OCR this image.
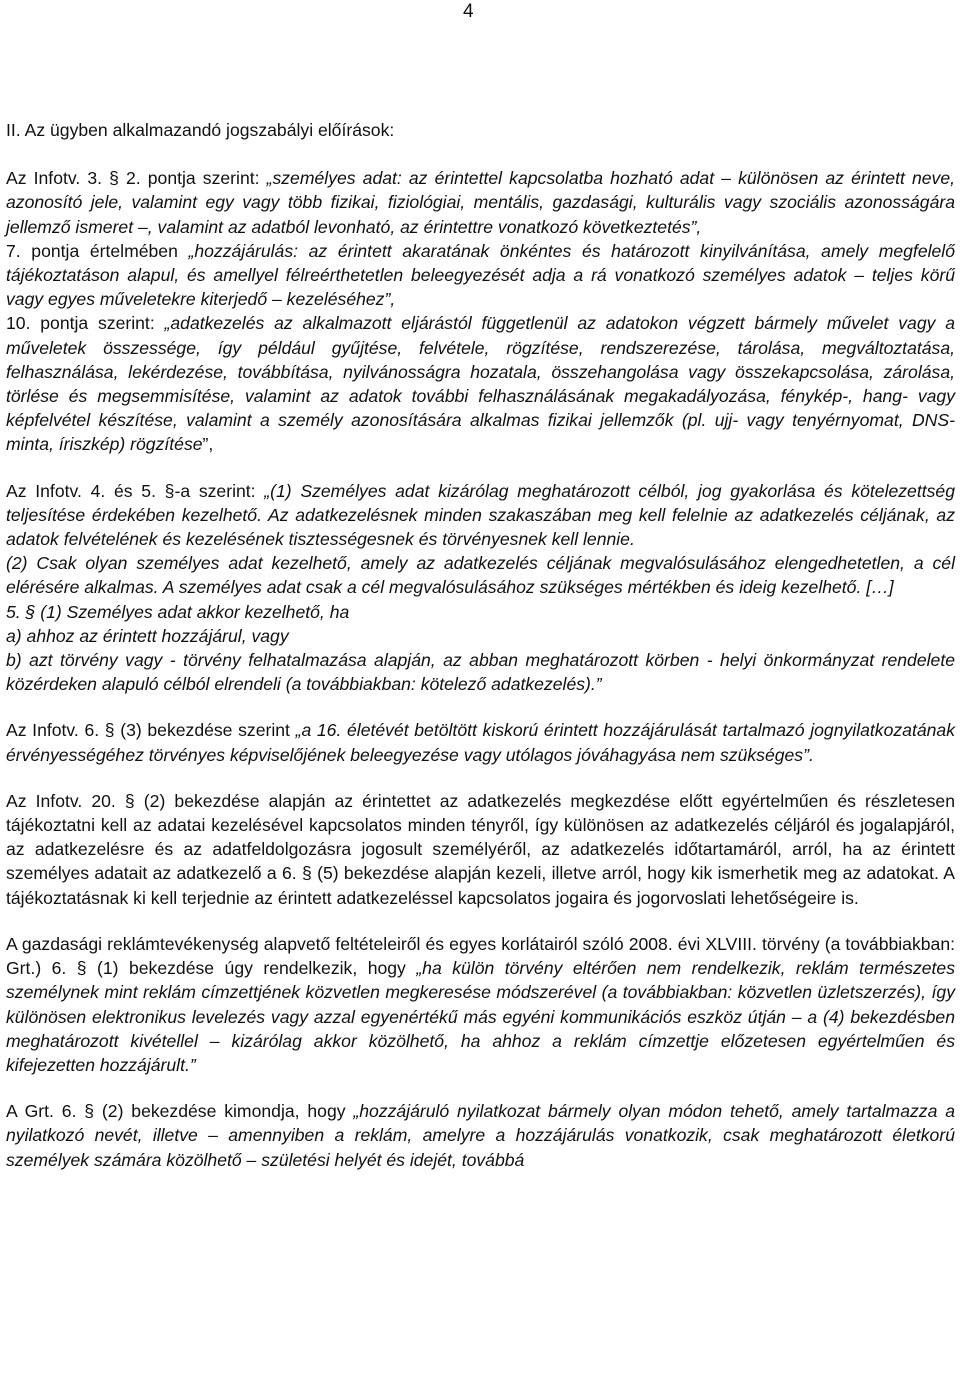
4

II. Az ügyben alkalmazandó jogszabályi előírások:

Az Infotv. 3. § 2. pontja szerint: „személyes adat: az érintettel kapcsolatba hozható adat – különösen az érintett neve, azonosító jele, valamint egy vagy több fizikai, fiziológiai, mentális, gazdasági, kulturális vagy szociális azonosságára jellemző ismeret –, valamint az adatból levonható, az érintettre vonatkozó következtetés”,

7. pontja értelmében „hozzájárulás: az érintett akaratának önkéntes és határozott kinyilvánítása, amely megfelelő tájékoztatáson alapul, és amellyel félreérthetetlen beleegyezését adja a rá vonatkozó személyes adatok – teljes körű vagy egyes műveletekre kiterjedő – kezeléséhez”,

10. pontja szerint: „adatkezelés az alkalmazott eljárástól függetlenül az adatokon végzett bármely művelet vagy a műveletek összessége, így például gyűjtése, felvétele, rögzítése, rendszerezése, tárolása, megváltoztatása, felhasználása, lekérdezése, továbbítása, nyilvánosságra hozatala, összehangolása vagy összekapcsolása, zárolása, törlése és megsemmisítése, valamint az adatok további felhasználásának megakadályozása, fénykép-, hang- vagy képfelvétel készítése, valamint a személy azonosítására alkalmas fizikai jellemzők (pl. ujj- vagy tenyérnyomat, DNS-minta, íriszkép) rögzítése”,

Az Infotv. 4. és 5. §-a szerint: „(1) Személyes adat kizárólag meghatározott célból, jog gyakorlása és kötelezettség teljesítése érdekében kezelhető. Az adatkezelésnek minden szakaszában meg kell felelnie az adatkezelés céljának, az adatok felvételének és kezelésének tisztességesnek és törvényesnek kell lennie.

(2) Csak olyan személyes adat kezelhető, amely az adatkezelés céljának megvalósulásához elengedhetetlen, a cél elérésére alkalmas. A személyes adat csak a cél megvalósulásához szükséges mértékben és ideig kezelhető. […]

5. § (1) Személyes adat akkor kezelhető, ha

a) ahhoz az érintett hozzájárul, vagy

b) azt törvény vagy - törvény felhatalmazása alapján, az abban meghatározott körben - helyi önkormányzat rendelete közérdeken alapuló célból elrendeli (a továbbiakban: kötelező adatkezelés).”

Az Infotv. 6. § (3) bekezdése szerint „a 16. életévét betöltött kiskorú érintett hozzájárulását tartalmazó jognyilatkozatának érvényességéhez törvényes képviselőjének beleegyezése vagy utólagos jóváhagyása nem szükséges”.

Az Infotv. 20. § (2) bekezdése alapján az érintettet az adatkezelés megkezdése előtt egyértelműen és részletesen tájékoztatni kell az adatai kezelésével kapcsolatos minden tényről, így különösen az adatkezelés céljáról és jogalapjáról, az adatkezelésre és az adatfeldolgozásra jogosult személyéről, az adatkezelés időtartamáról, arról, ha az érintett személyes adatait az adatkezelő a 6. § (5) bekezdése alapján kezeli, illetve arról, hogy kik ismerhetik meg az adatokat. A tájékoztatásnak ki kell terjednie az érintett adatkezeléssel kapcsolatos jogaira és jogorvoslati lehetőségeire is.

A gazdasági reklámtevékenység alapvető feltételeiről és egyes korlátairól szóló 2008. évi XLVIII. törvény (a továbbiakban: Grt.) 6. § (1) bekezdése úgy rendelkezik, hogy „ha külön törvény eltérően nem rendelkezik, reklám természetes személynek mint reklám címzettjének közvetlen megkeresése módszerével (a továbbiakban: közvetlen üzletszerzés), így különösen elektronikus levelezés vagy azzal egyenértékű más egyéni kommunikációs eszköz útján – a (4) bekezdésben meghatározott kivétellel – kizárólag akkor közölhető, ha ahhoz a reklám címzettje előzetesen egyértelműen és kifejezetten hozzájárult.”

A Grt. 6. § (2) bekezdése kimondja, hogy „hozzájáruló nyilatkozat bármely olyan módon tehető, amely tartalmazza a nyilatkozó nevét, illetve – amennyiben a reklám, amelyre a hozzájárulás vonatkozik, csak meghatározott életkorú személyek számára közölhető – születési helyét és idejét, továbbá
